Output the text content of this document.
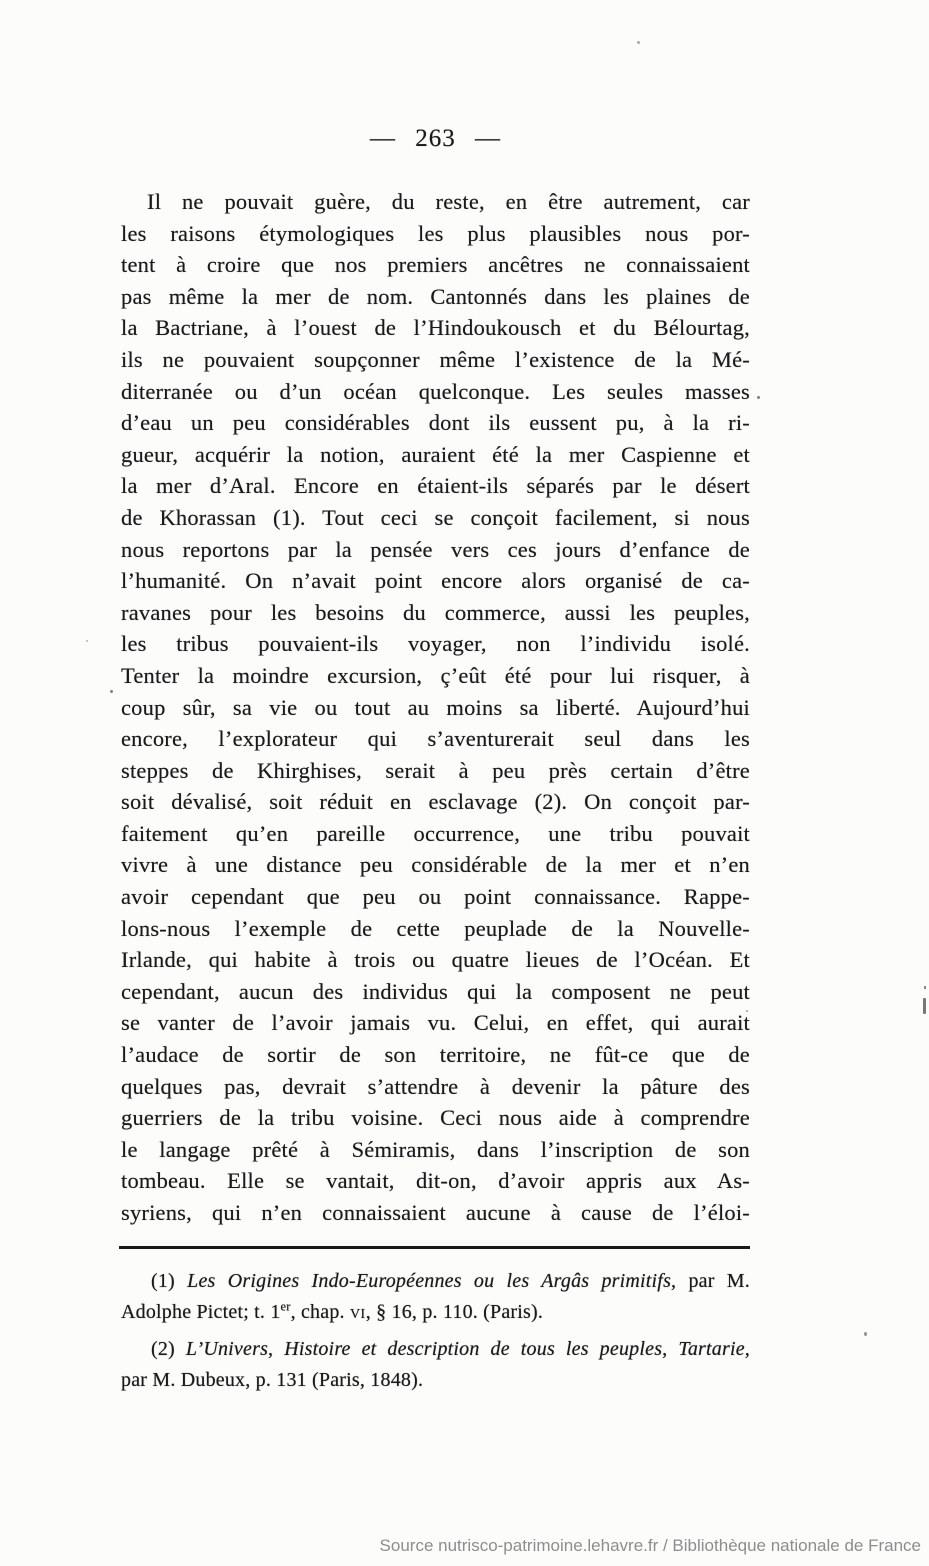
— 263 —
Il ne pouvait guère, du reste, en être autrement, car
les raisons étymologiques les plus plausibles nous por-
tent à croire que nos premiers ancêtres ne connaissaient
pas même la mer de nom. Cantonnés dans les plaines de
la Bactriane, à l’ouest de l’Hindoukousch et du Bélourtag,
ils ne pouvaient soupçonner même l’existence de la Mé-
diterranée ou d’un océan quelconque. Les seules masses
d’eau un peu considérables dont ils eussent pu, à la ri-
gueur, acquérir la notion, auraient été la mer Caspienne et
la mer d’Aral. Encore en étaient-ils séparés par le désert
de Khorassan (1). Tout ceci se conçoit facilement, si nous
nous reportons par la pensée vers ces jours d’enfance de
l’humanité. On n’avait point encore alors organisé de ca-
ravanes pour les besoins du commerce, aussi les peuples,
les tribus pouvaient-ils voyager, non l’individu isolé.
Tenter la moindre excursion, ç’eût été pour lui risquer, à
coup sûr, sa vie ou tout au moins sa liberté. Aujourd’hui
encore, l’explorateur qui s’aventurerait seul dans les
steppes de Khirghises, serait à peu près certain d’être
soit dévalisé, soit réduit en esclavage (2). On conçoit par-
faitement qu’en pareille occurrence, une tribu pouvait
vivre à une distance peu considérable de la mer et n’en
avoir cependant que peu ou point connaissance. Rappe-
lons-nous l’exemple de cette peuplade de la Nouvelle-
Irlande, qui habite à trois ou quatre lieues de l’Océan. Et
cependant, aucun des individus qui la composent ne peut
se vanter de l’avoir jamais vu. Celui, en effet, qui aurait
l’audace de sortir de son territoire, ne fût-ce que de
quelques pas, devrait s’attendre à devenir la pâture des
guerriers de la tribu voisine. Ceci nous aide à comprendre
le langage prêté à Sémiramis, dans l’inscription de son
tombeau. Elle se vantait, dit-on, d’avoir appris aux As-
syriens, qui n’en connaissaient aucune à cause de l’éloi-
(1) Les Origines Indo-Européennes ou les Argâs primitifs, par M.
Adolphe Pictet; t. 1er, chap. vi, § 16, p. 110. (Paris).
(2) L’Univers, Histoire et description de tous les peuples, Tartarie,
par M. Dubeux, p. 131 (Paris, 1848).
Source nutrisco-patrimoine.lehavre.fr / Bibliothèque nationale de France
